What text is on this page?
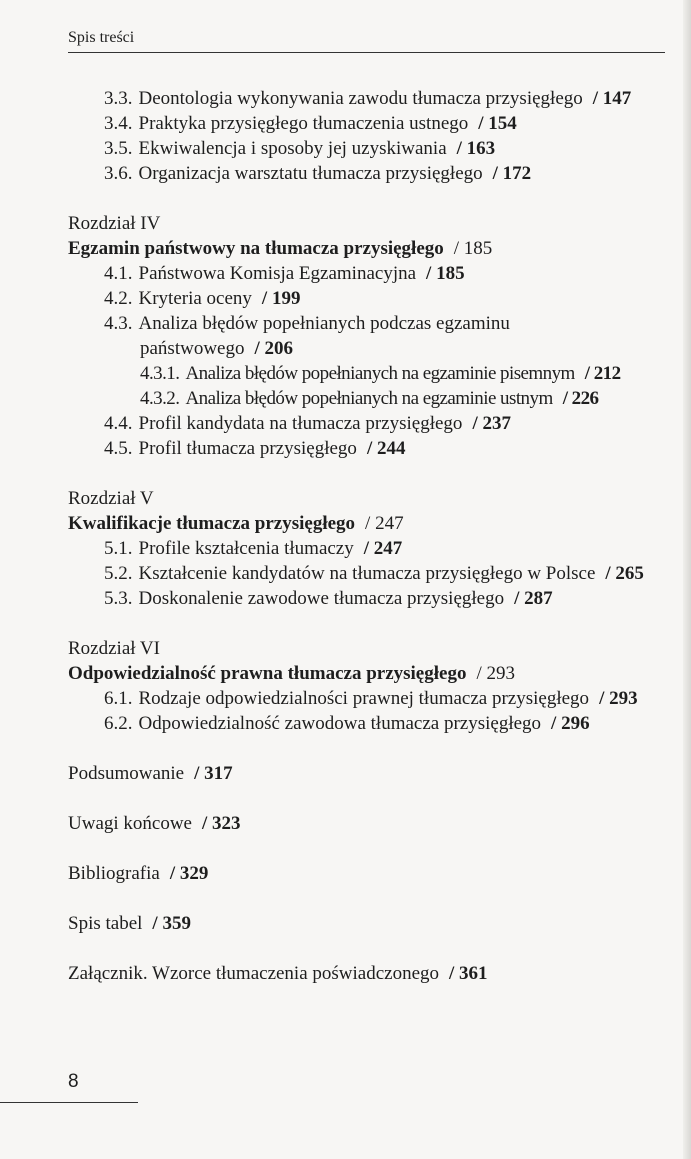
Spis treści
3.3. Deontologia wykonywania zawodu tłumacza przysięgłego / 147
3.4. Praktyka przysięgłego tłumaczenia ustnego / 154
3.5. Ekwiwalencja i sposoby jej uzyskiwania / 163
3.6. Organizacja warsztatu tłumacza przysięgłego / 172
Rozdział IV
Egzamin państwowy na tłumacza przysięgłego / 185
4.1. Państwowa Komisja Egzaminacyjna / 185
4.2. Kryteria oceny / 199
4.3. Analiza błędów popełnianych podczas egzaminu
państwowego / 206
4.3.1. Analiza błędów popełnianych na egzaminie pisemnym / 212
4.3.2. Analiza błędów popełnianych na egzaminie ustnym / 226
4.4. Profil kandydata na tłumacza przysięgłego / 237
4.5. Profil tłumacza przysięgłego / 244
Rozdział V
Kwalifikacje tłumacza przysięgłego / 247
5.1. Profile kształcenia tłumaczy / 247
5.2. Kształcenie kandydatów na tłumacza przysięgłego w Polsce / 265
5.3. Doskonalenie zawodowe tłumacza przysięgłego / 287
Rozdział VI
Odpowiedzialność prawna tłumacza przysięgłego / 293
6.1. Rodzaje odpowiedzialności prawnej tłumacza przysięgłego / 293
6.2. Odpowiedzialność zawodowa tłumacza przysięgłego / 296
Podsumowanie / 317
Uwagi końcowe / 323
Bibliografia / 329
Spis tabel / 359
Załącznik. Wzorce tłumaczenia poświadczonego / 361
8
